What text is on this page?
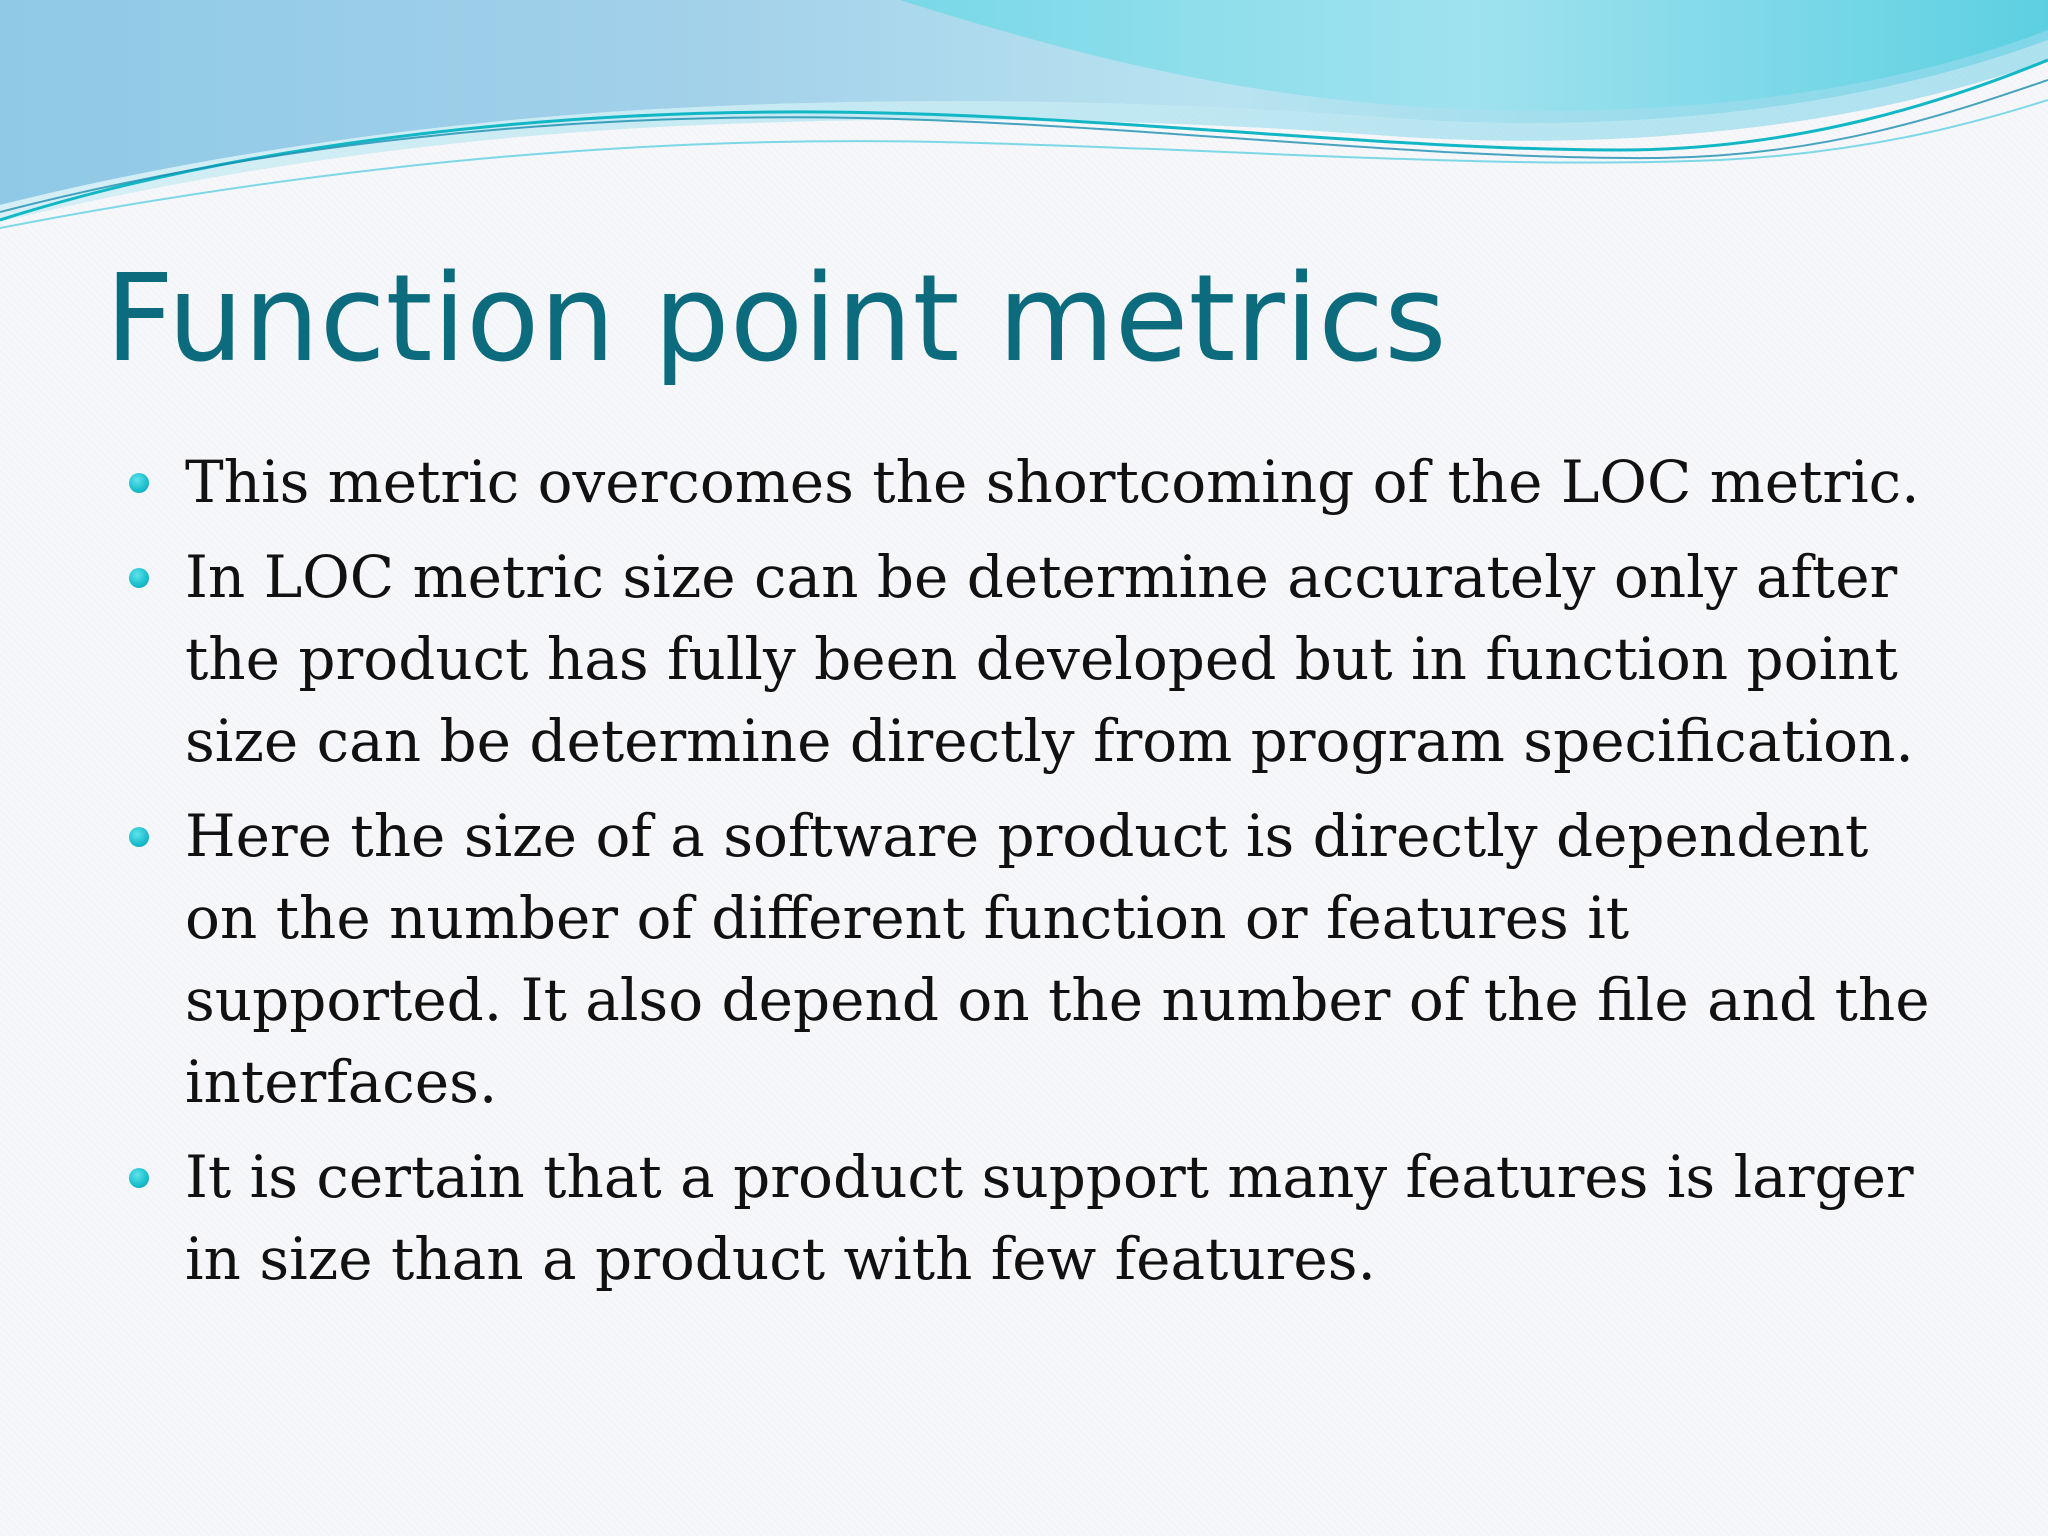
Function point metrics
This metric overcomes the shortcoming of the LOC metric.
In LOC metric size can be determine accurately only after the product has fully been developed but in function point size can be determine directly from program specification.
Here the size of a software product is directly dependent on the number of different function or features it supported. It also depend on the number of the file and the interfaces.
It is certain that a product support many features is larger in size than a product with few features.
